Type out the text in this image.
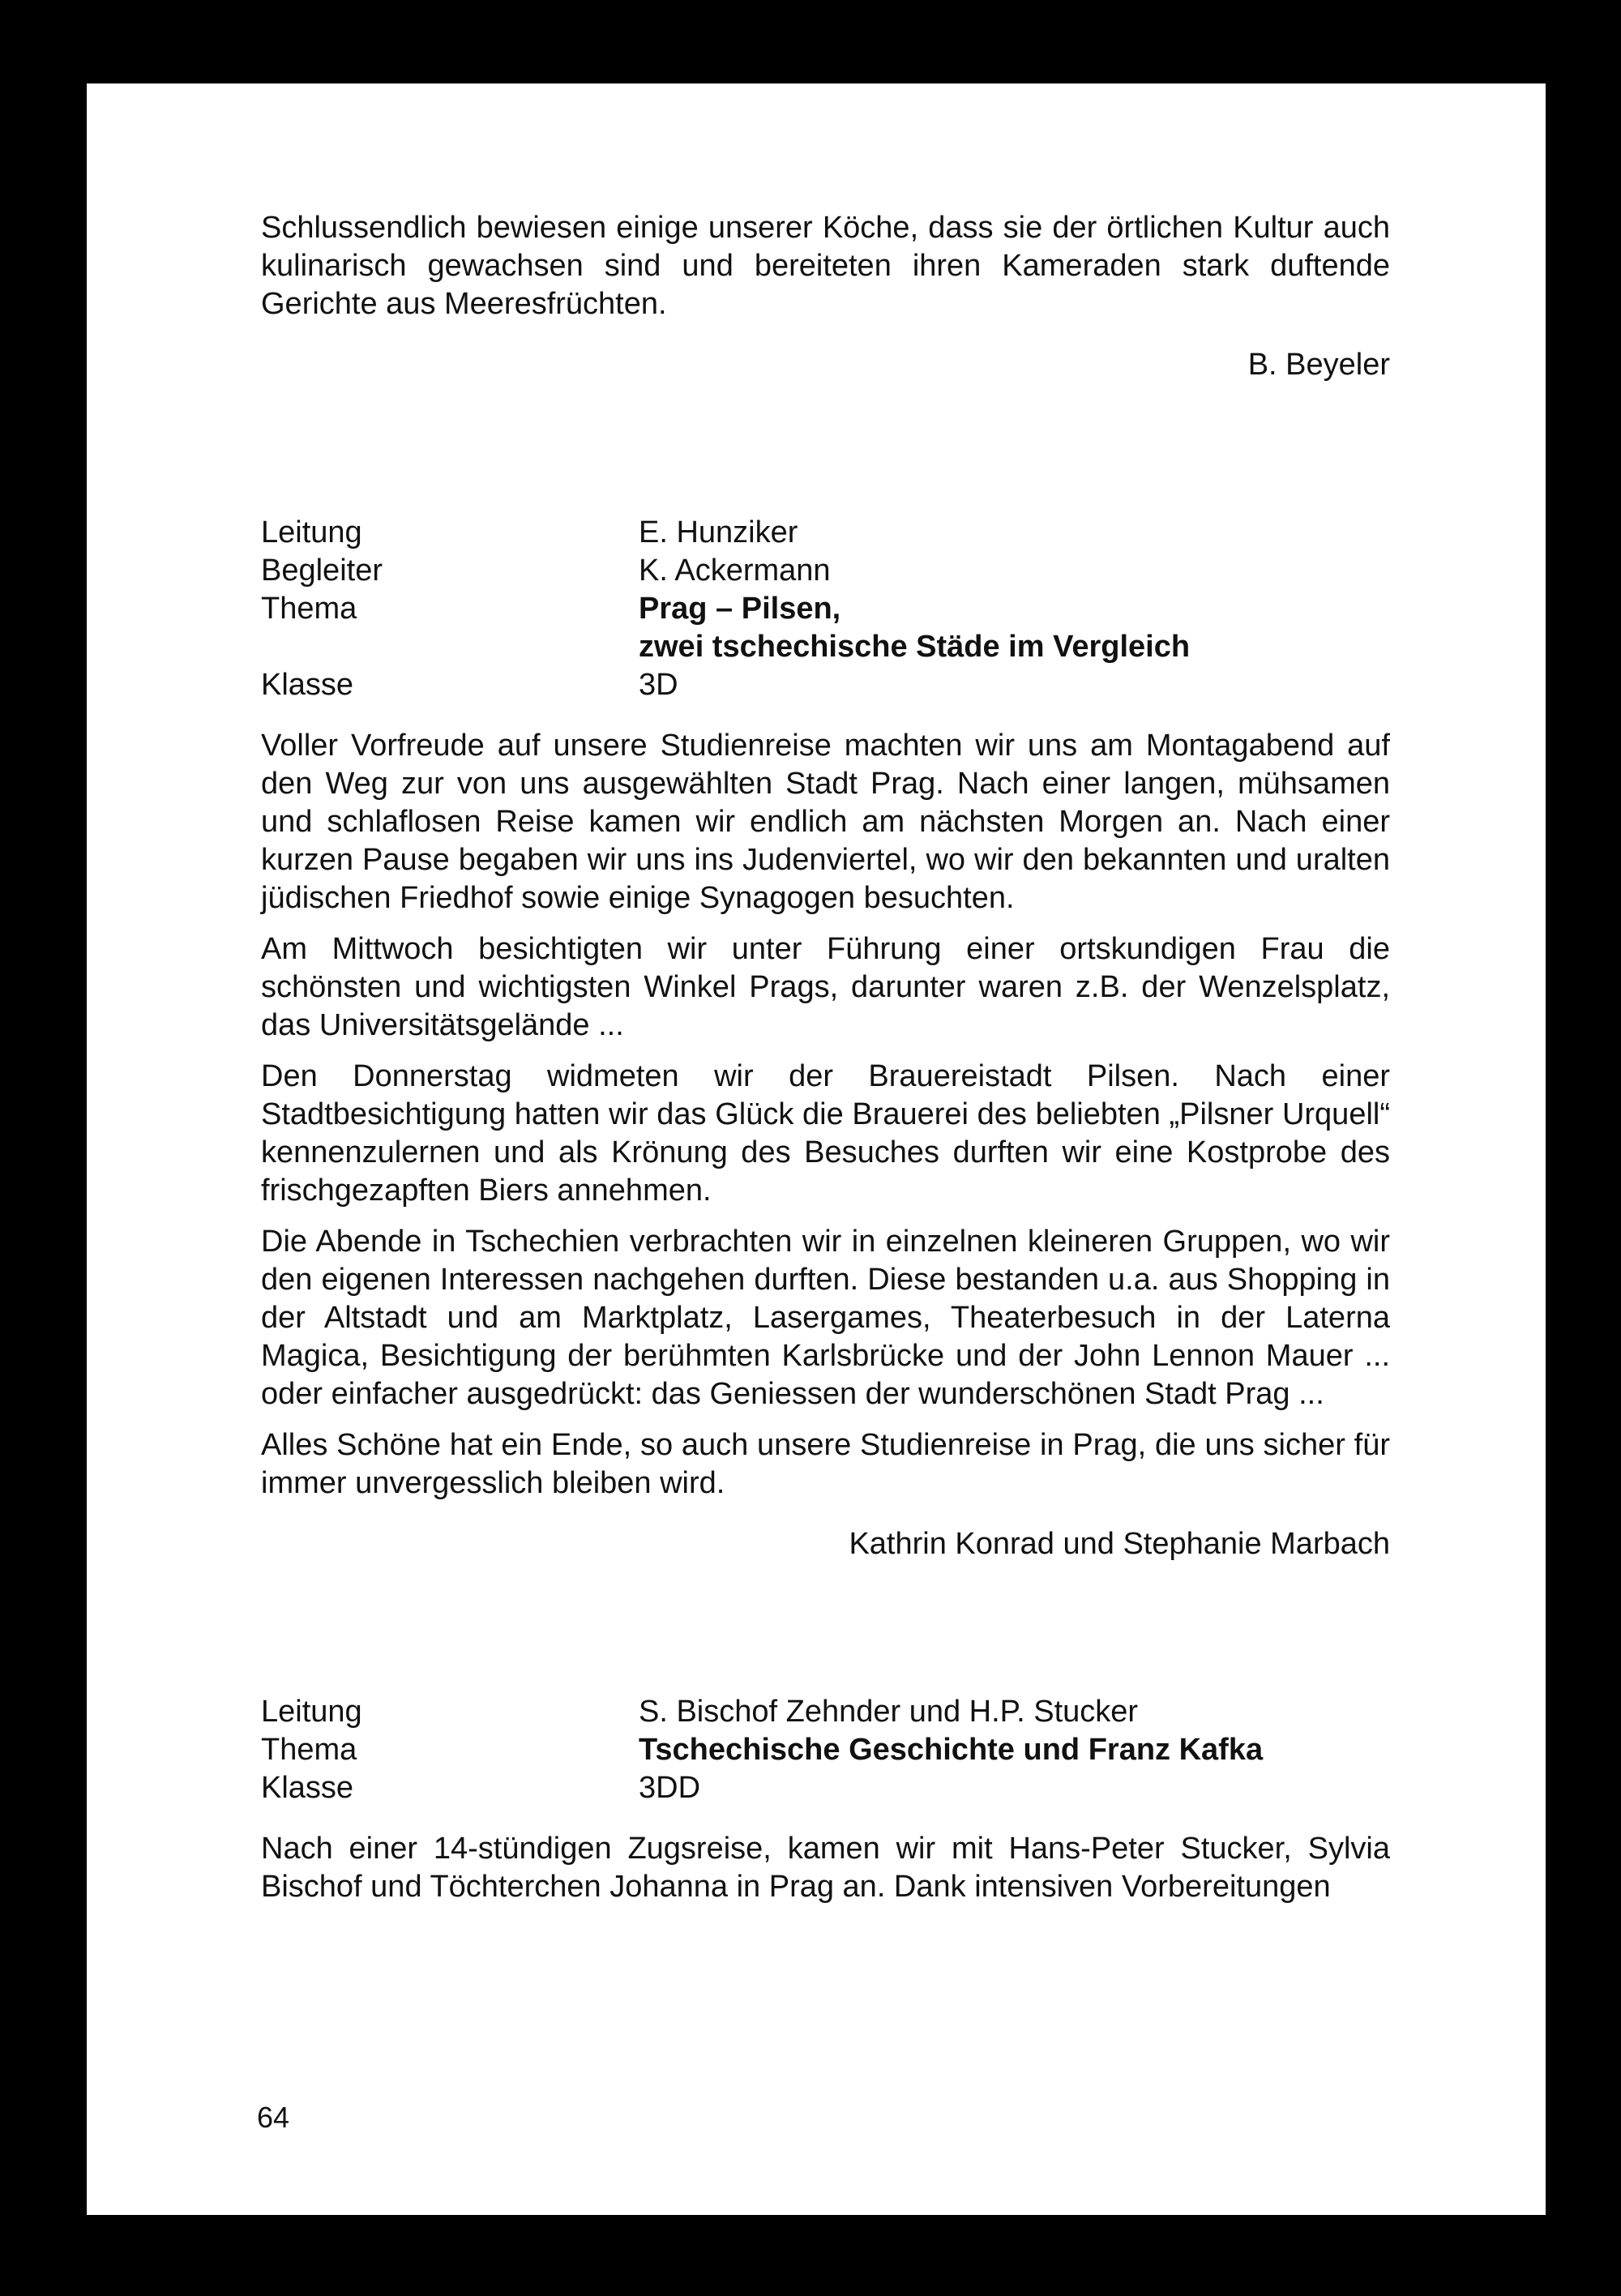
Schlussendlich bewiesen einige unserer Köche, dass sie der örtlichen Kultur auch kulinarisch gewachsen sind und bereiteten ihren Kameraden stark duftende Gerichte aus Meeresfrüchten.

B. Beyeler

Leitung	E. Hunziker
Begleiter	K. Ackermann
Thema	Prag – Pilsen,
zwei tschechische Städe im Vergleich
Klasse	3D

Voller Vorfreude auf unsere Studienreise machten wir uns am Montagabend auf den Weg zur von uns ausgewählten Stadt Prag. Nach einer langen, mühsamen und schlaflosen Reise kamen wir endlich am nächsten Morgen an. Nach einer kurzen Pause begaben wir uns ins Judenviertel, wo wir den bekannten und uralten jüdischen Friedhof sowie einige Synagogen besuchten.

Am Mittwoch besichtigten wir unter Führung einer ortskundigen Frau die schönsten und wichtigsten Winkel Prags, darunter waren z.B. der Wenzelsplatz, das Universitätsgelände ...

Den Donnerstag widmeten wir der Brauereistadt Pilsen. Nach einer Stadtbesichtigung hatten wir das Glück die Brauerei des beliebten „Pilsner Urquell“ kennenzulernen und als Krönung des Besuches durften wir eine Kostprobe des frischgezapften Biers annehmen.

Die Abende in Tschechien verbrachten wir in einzelnen kleineren Gruppen, wo wir den eigenen Interessen nachgehen durften. Diese bestanden u.a. aus Shopping in der Altstadt und am Marktplatz, Lasergames, Theaterbesuch in der Laterna Magica, Besichtigung der berühmten Karlsbrücke und der John Lennon Mauer ... oder einfacher ausgedrückt: das Geniessen der wunderschönen Stadt Prag ...

Alles Schöne hat ein Ende, so auch unsere Studienreise in Prag, die uns sicher für immer unvergesslich bleiben wird.

Kathrin Konrad und Stephanie Marbach

Leitung	S. Bischof Zehnder und H.P. Stucker
Thema	Tschechische Geschichte und Franz Kafka
Klasse	3DD

Nach einer 14-stündigen Zugsreise, kamen wir mit Hans-Peter Stucker, Sylvia Bischof und Töchterchen Johanna in Prag an. Dank intensiven Vorbereitungen

64
